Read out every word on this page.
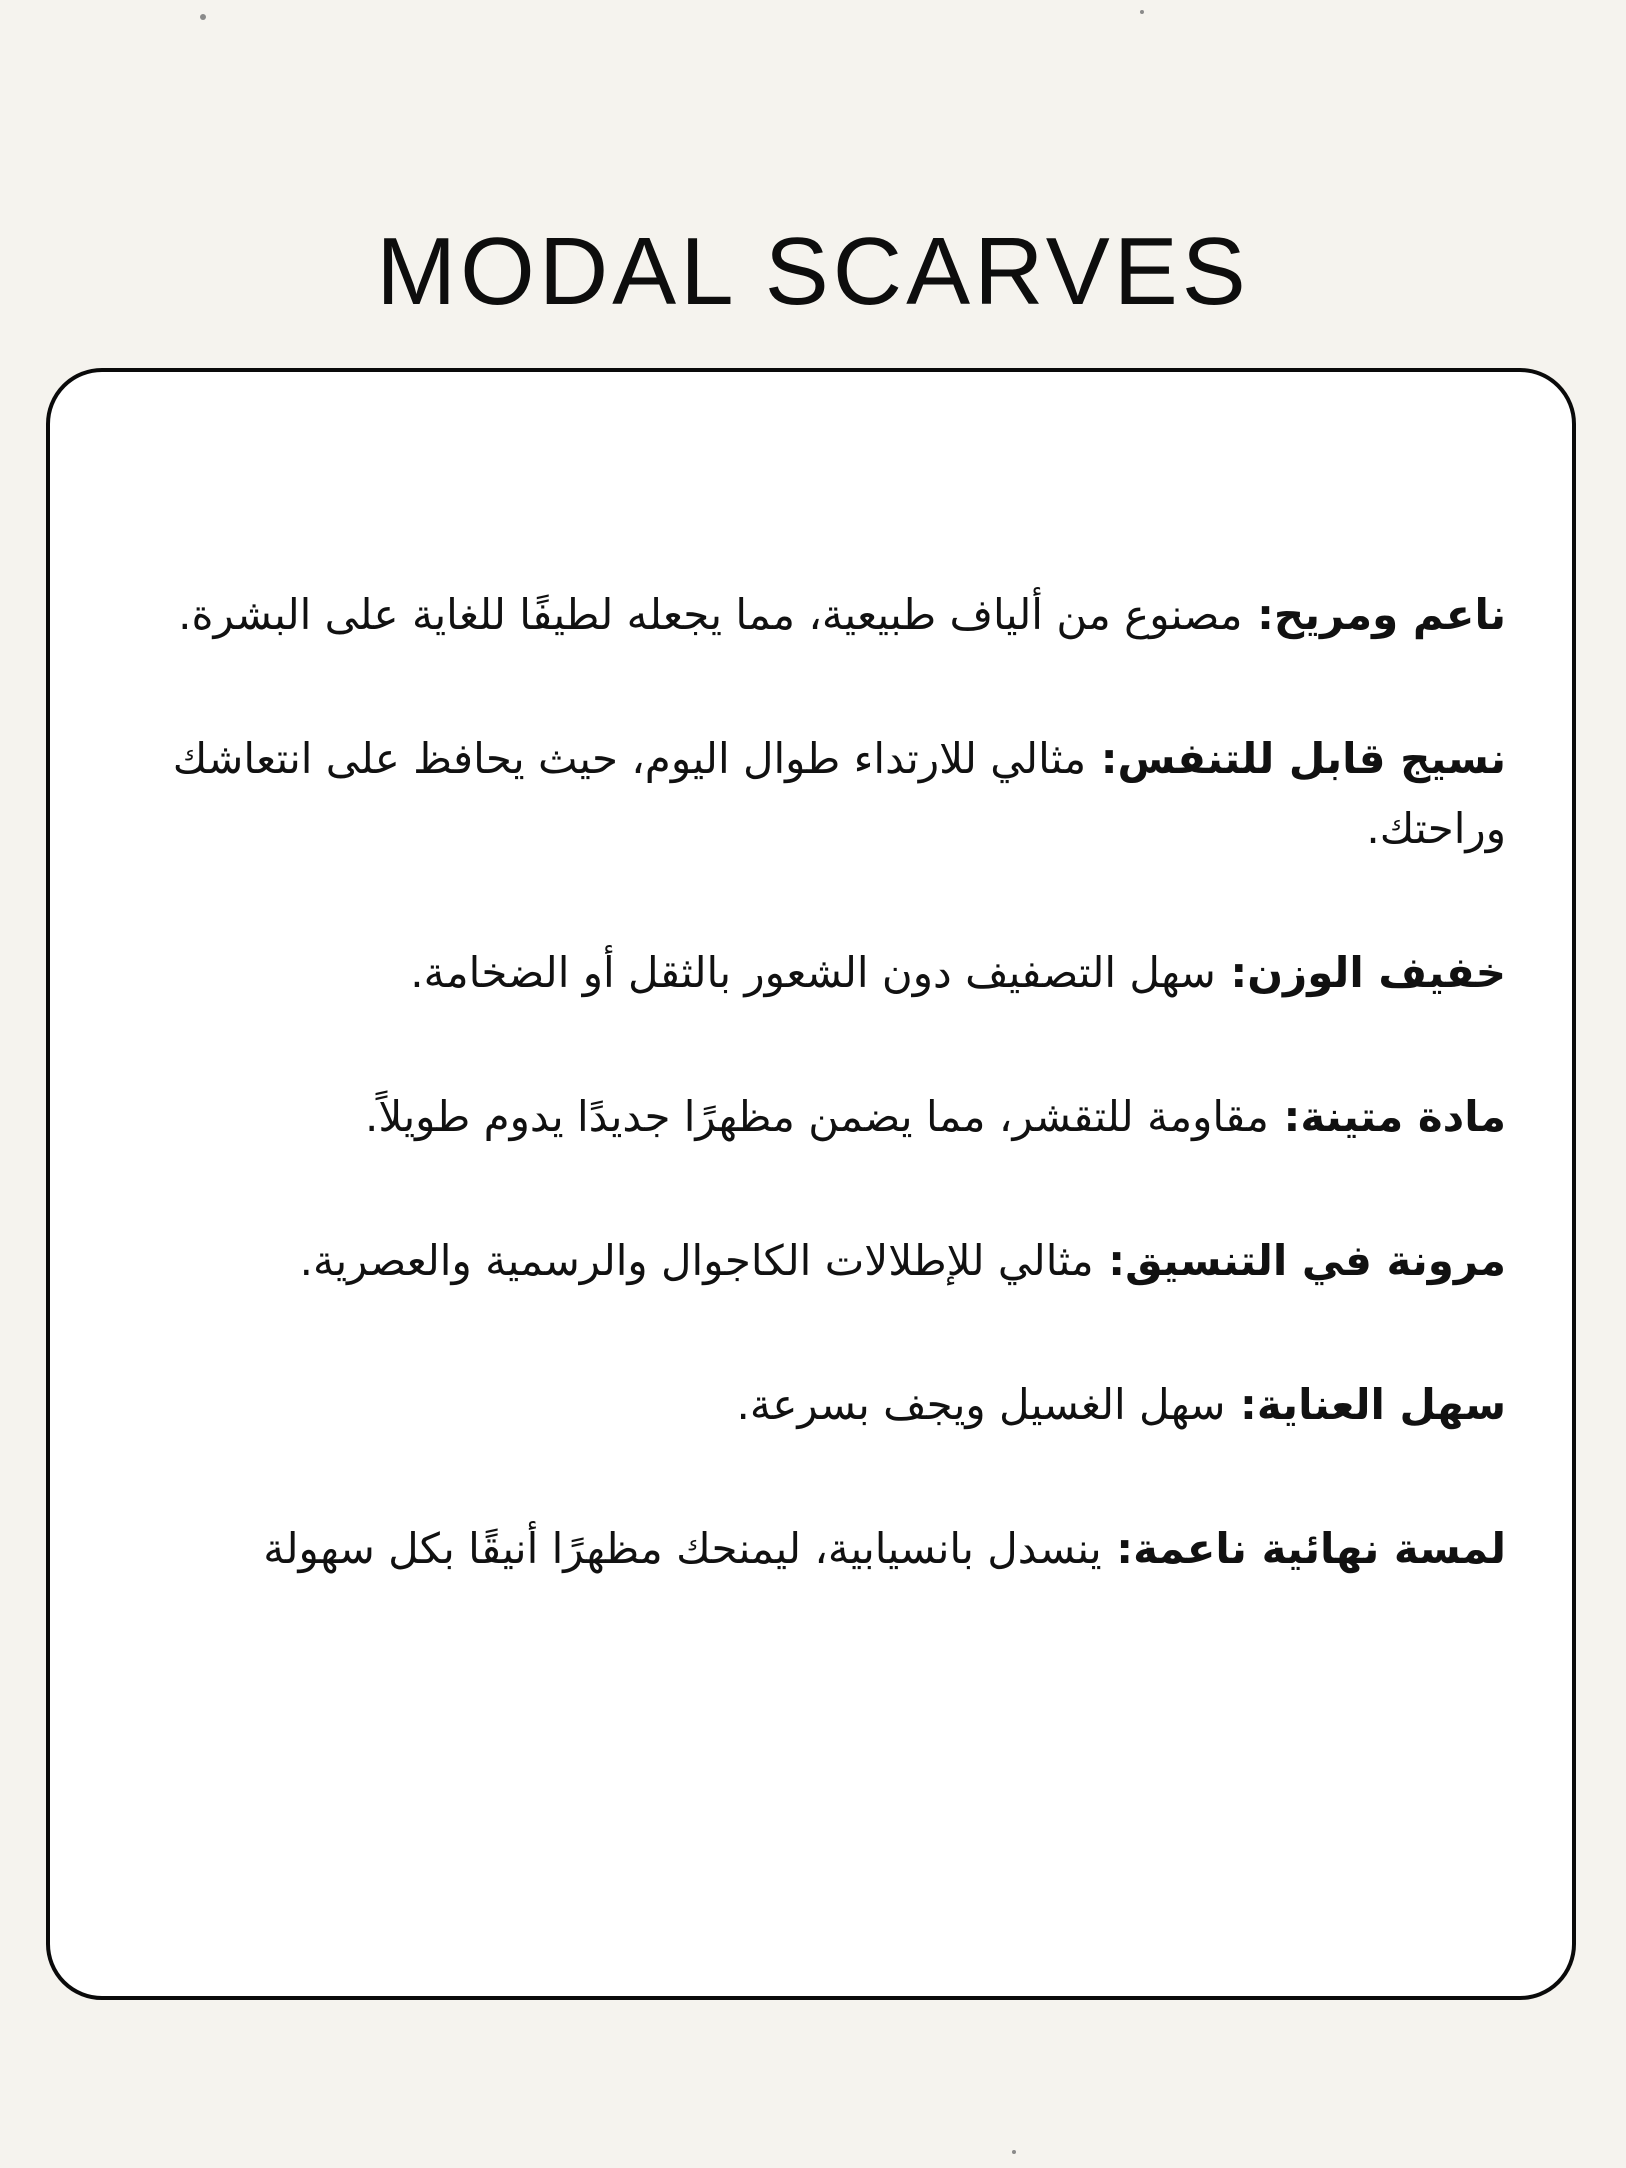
MODAL SCARVES
ناعم ومريح: مصنوع من ألياف طبيعية، مما يجعله لطيفًا للغاية على البشرة.
نسيج قابل للتنفس: مثالي للارتداء طوال اليوم، حيث يحافظ على انتعاشك وراحتك.
خفيف الوزن: سهل التصفيف دون الشعور بالثقل أو الضخامة.
مادة متينة: مقاومة للتقشر، مما يضمن مظهرًا جديدًا يدوم طويلاً.
مرونة في التنسيق: مثالي للإطلالات الكاجوال والرسمية والعصرية.
سهل العناية: سهل الغسيل ويجف بسرعة.
لمسة نهائية ناعمة: ينسدل بانسيابية، ليمنحك مظهرًا أنيقًا بكل سهولة
